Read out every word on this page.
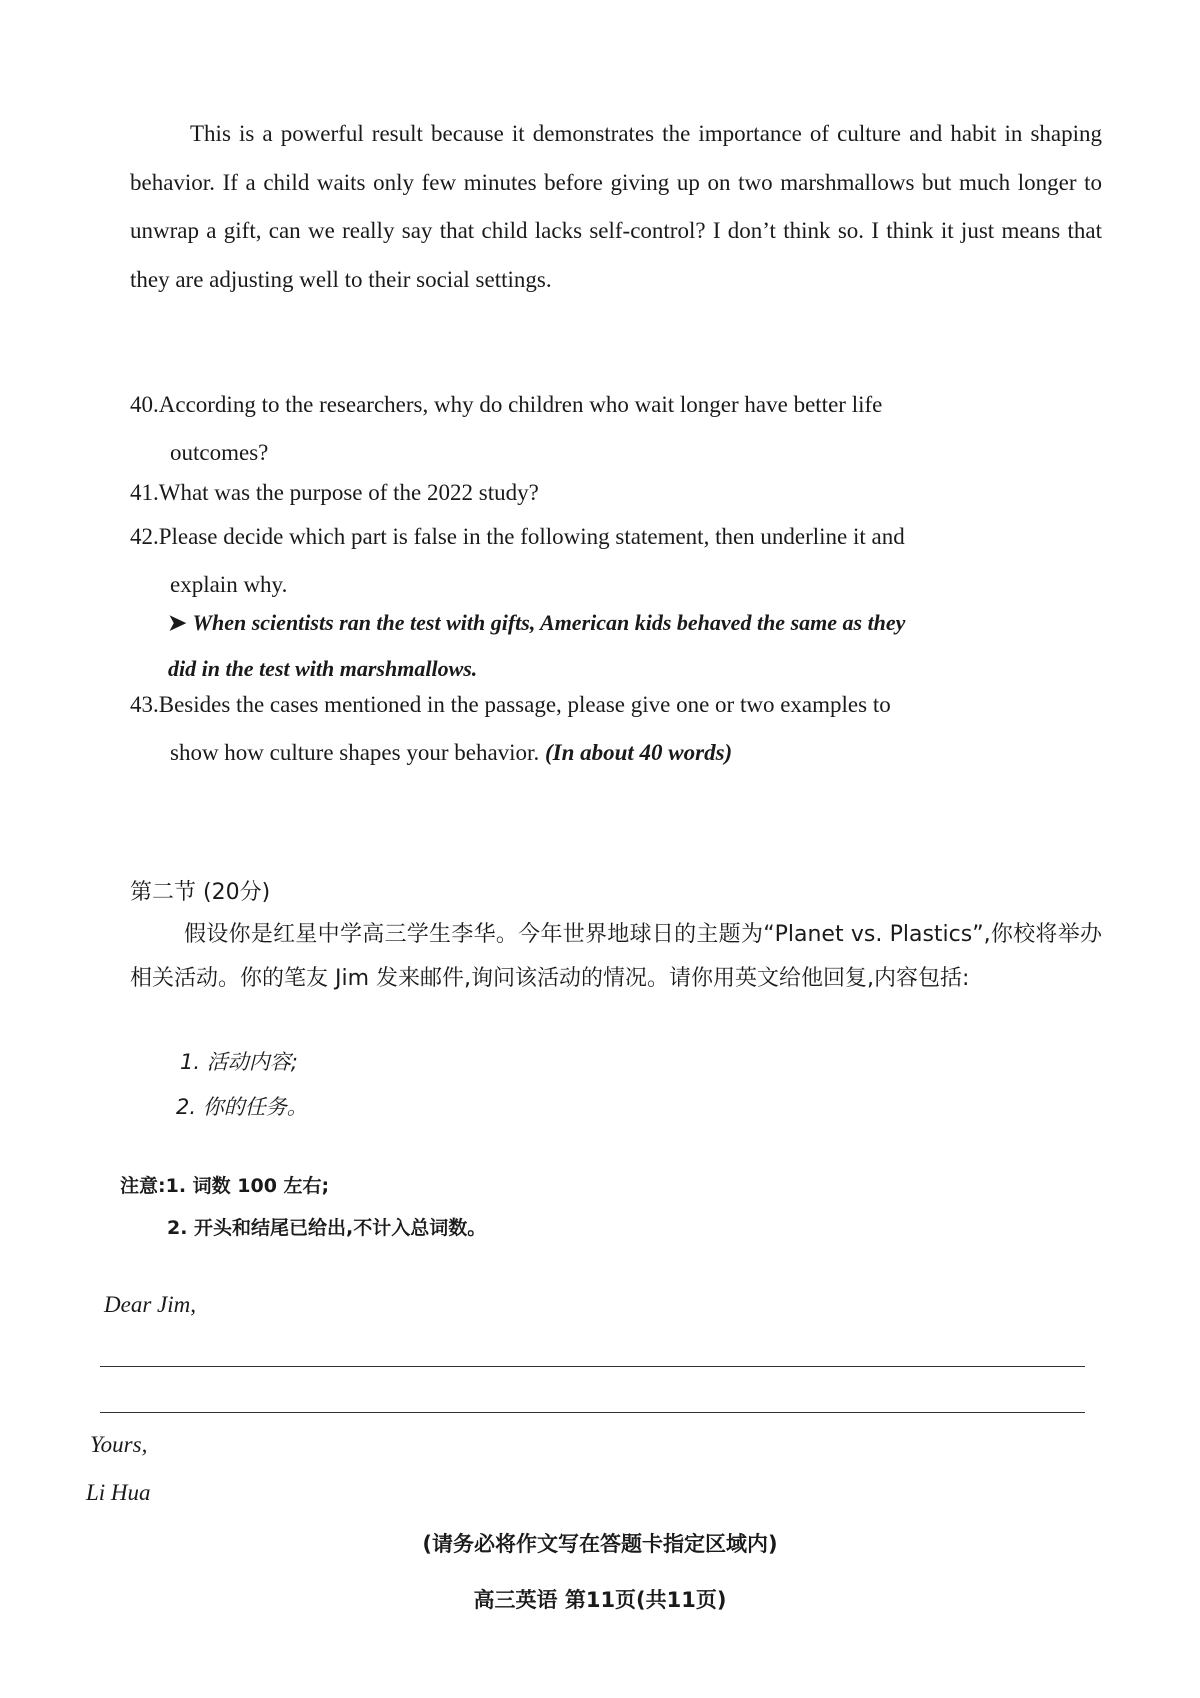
This is a powerful result because it demonstrates the importance of culture and habit in shaping behavior. If a child waits only few minutes before giving up on two marshmallows but much longer to unwrap a gift, can we really say that child lacks self-control? I don’t think so. I think it just means that they are adjusting well to their social settings.

40.According to the researchers, why do children who wait longer have better life
outcomes?
41.What was the purpose of the 2022 study?
42.Please decide which part is false in the following statement, then underline it and
explain why.
➤ When scientists ran the test with gifts, American kids behaved the same as they
did in the test with marshmallows.
43.Besides the cases mentioned in the passage, please give one or two examples to
show how culture shapes your behavior. (In about 40 words)
第二节 (20分)
假设你是红星中学高三学生李华。今年世界地球日的主题为“Planet vs. Plastics”,你校将举办相关活动。你的笔友 Jim 发来邮件,询问该活动的情况。请你用英文给他回复,内容包括:
1. 活动内容;
2. 你的任务。
注意:1. 词数 100 左右;
2. 开头和结尾已给出,不计入总词数。
Dear Jim,
Yours,
Li Hua
(请务必将作文写在答题卡指定区域内)
高三英语 第11页(共11页)
